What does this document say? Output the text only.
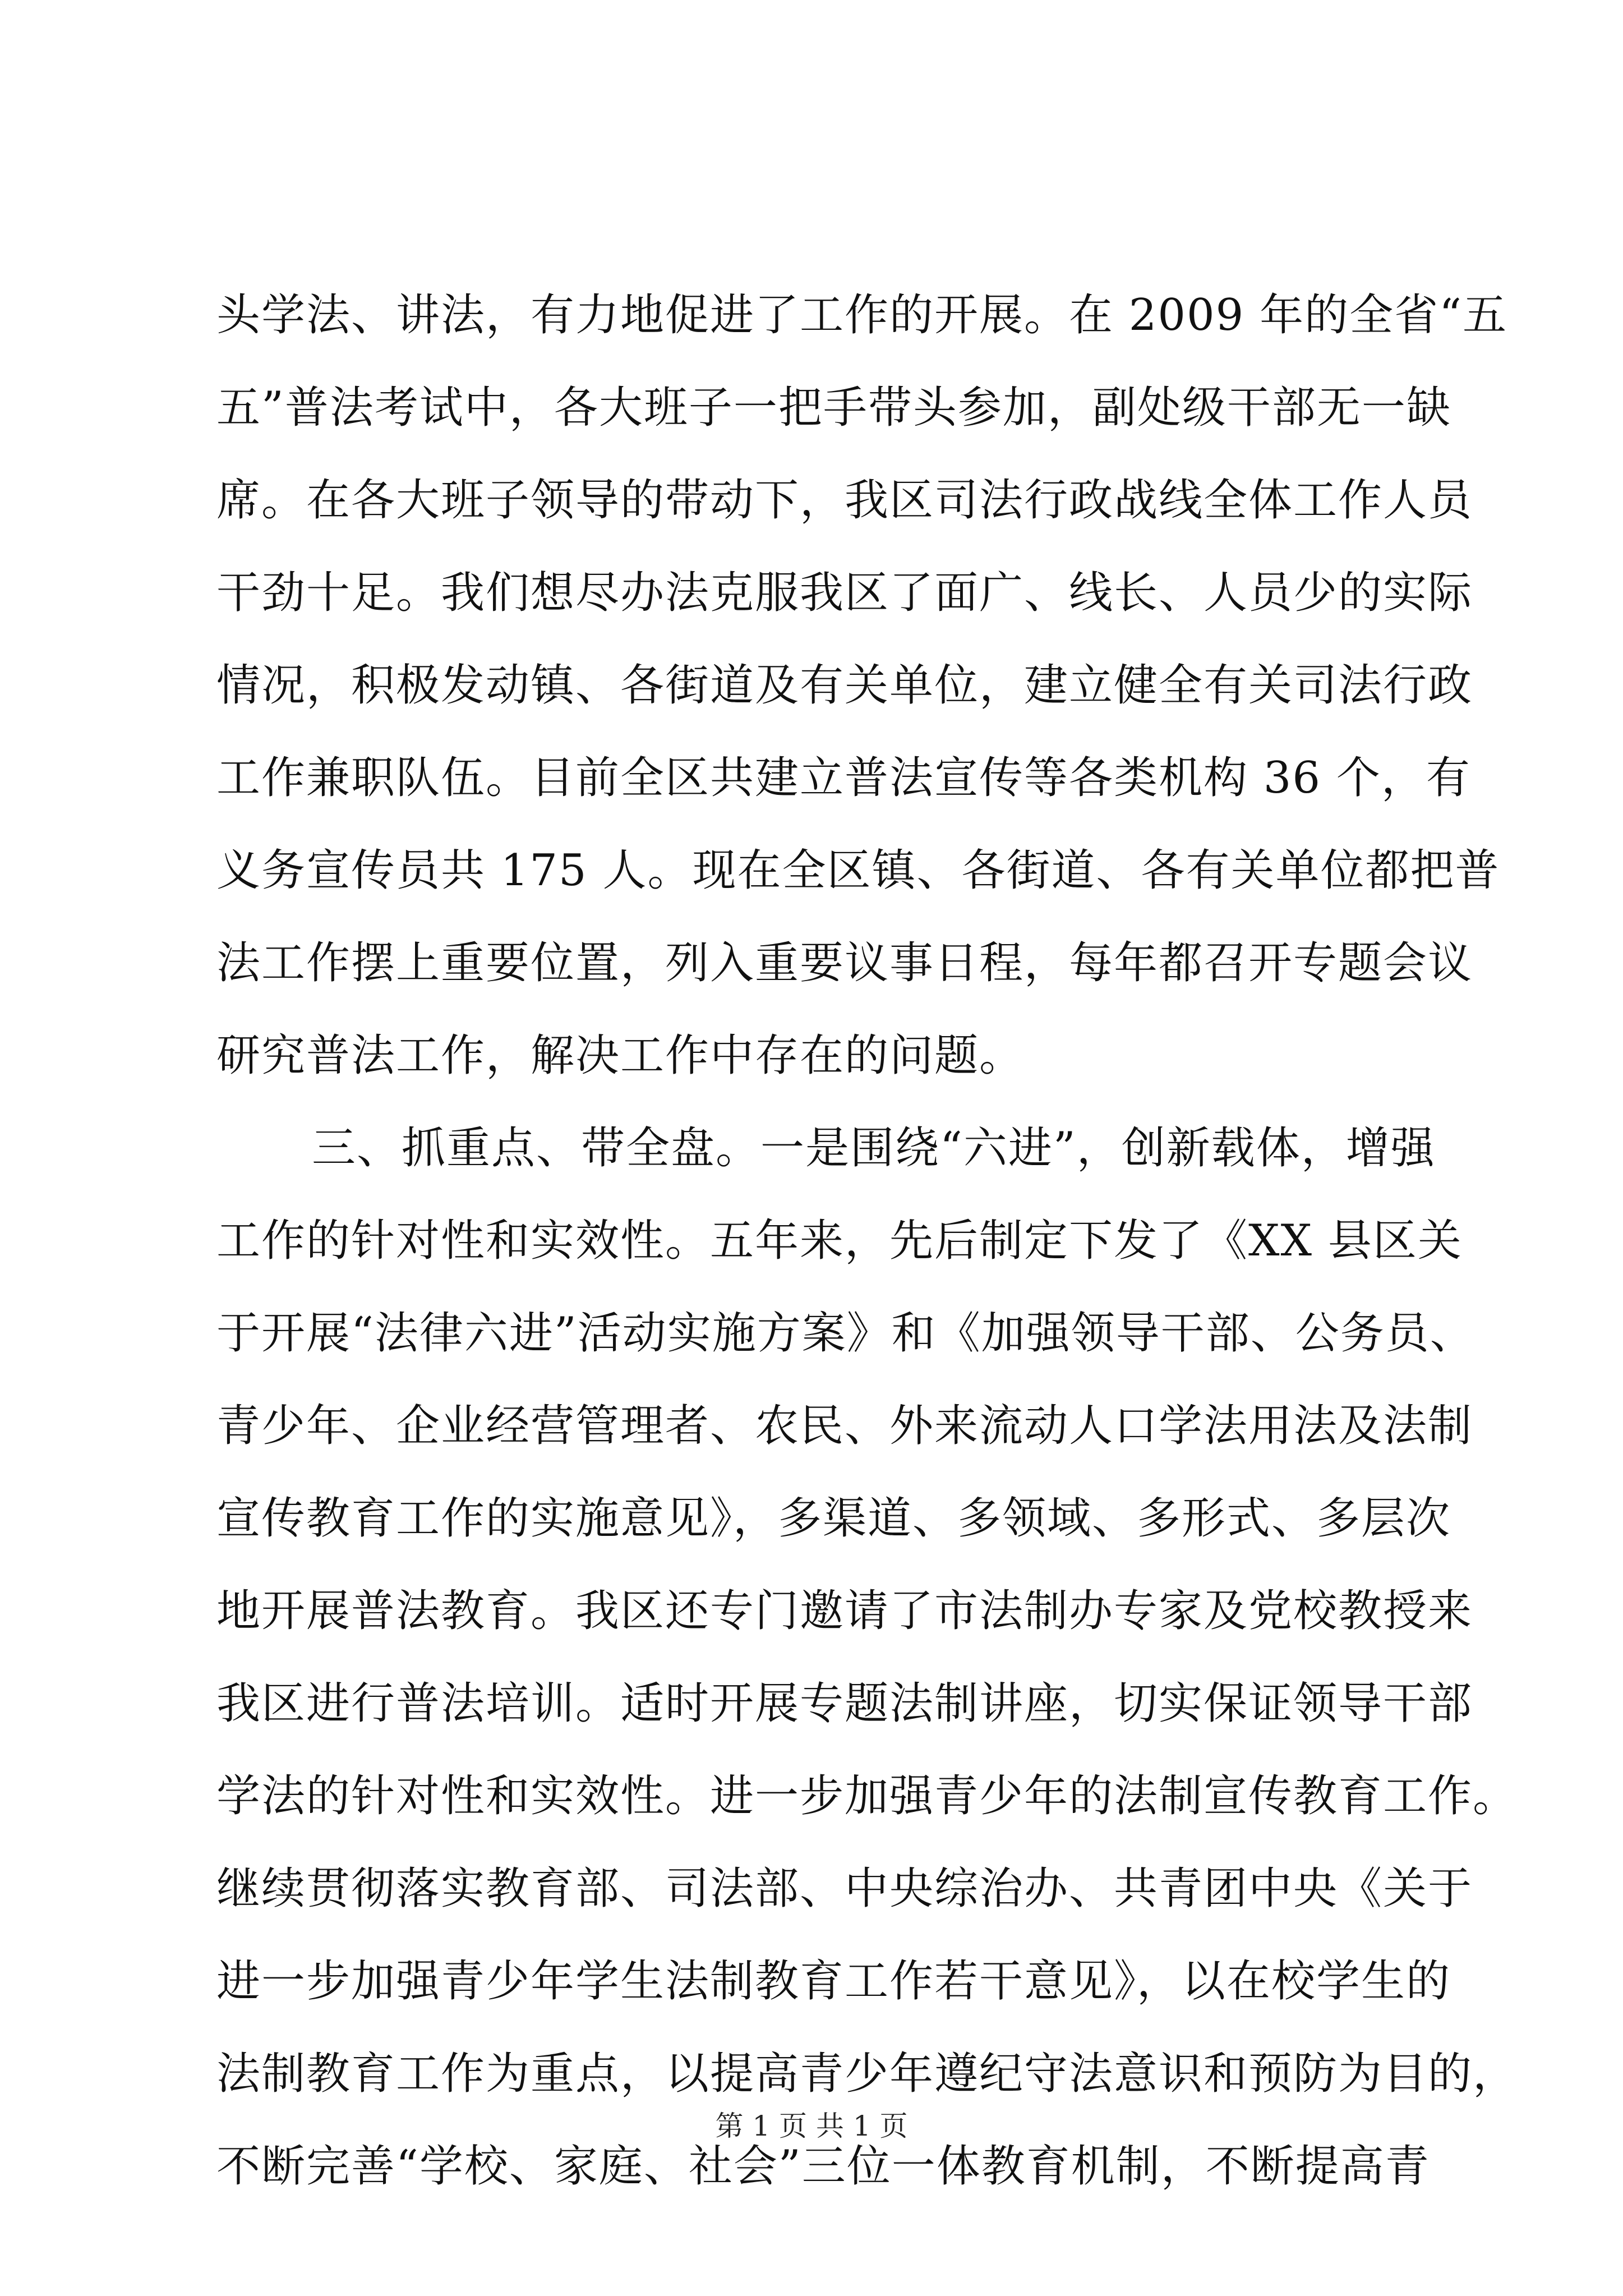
头学法、讲法，有力地促进了工作的开展。在 2009 年的全省“五
五”普法考试中，各大班子一把手带头参加，副处级干部无一缺
席。在各大班子领导的带动下，我区司法行政战线全体工作人员
干劲十足。我们想尽办法克服我区了面广、线长、人员少的实际
情况，积极发动镇、各街道及有关单位，建立健全有关司法行政
工作兼职队伍。目前全区共建立普法宣传等各类机构 36 个，有
义务宣传员共 175 人。现在全区镇、各街道、各有关单位都把普
法工作摆上重要位置，列入重要议事日程，每年都召开专题会议
研究普法工作，解决工作中存在的问题。
三、抓重点、带全盘。一是围绕“六进”，创新载体，增强
工作的针对性和实效性。五年来，先后制定下发了《XX 县区关
于开展“法律六进”活动实施方案》和《加强领导干部、公务员、
青少年、企业经营管理者、农民、外来流动人口学法用法及法制
宣传教育工作的实施意见》，多渠道、多领域、多形式、多层次
地开展普法教育。我区还专门邀请了市法制办专家及党校教授来
我区进行普法培训。适时开展专题法制讲座，切实保证领导干部
学法的针对性和实效性。进一步加强青少年的法制宣传教育工作。
继续贯彻落实教育部、司法部、中央综治办、共青团中央《关于
进一步加强青少年学生法制教育工作若干意见》，以在校学生的
法制教育工作为重点，以提高青少年遵纪守法意识和预防为目的，
不断完善“学校、家庭、社会”三位一体教育机制，不断提高青
第 1 页 共 1 页
